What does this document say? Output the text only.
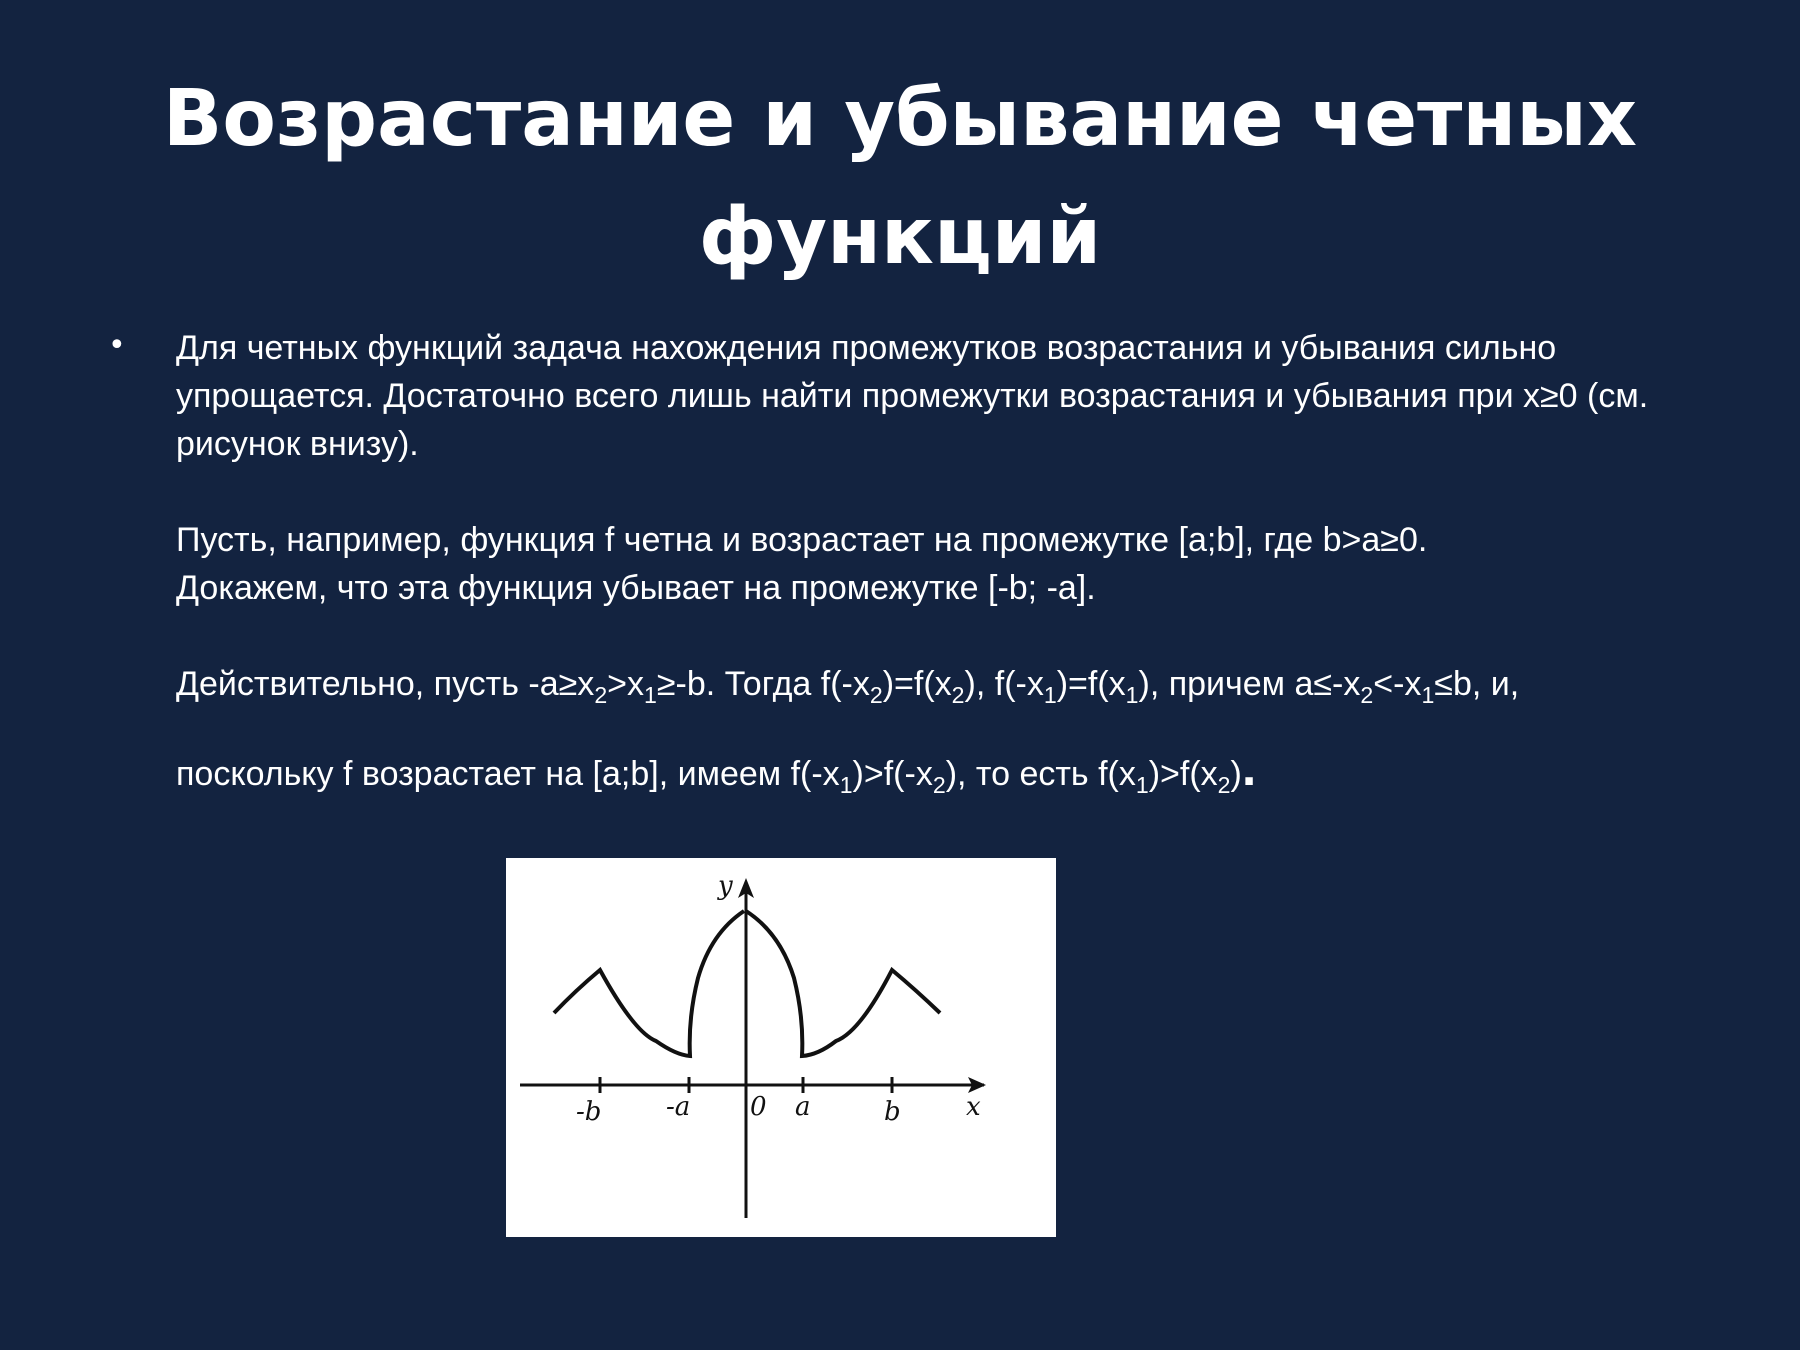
Возрастание и убывание четных функций
• Для четных функций задача нахождения промежутков возрастания и убывания сильно упрощается. Достаточно всего лишь найти промежутки возрастания и убывания при x≥0 (см. рисунок внизу).

Пусть, например, функция f четна и возрастает на промежутке [a;b], где b>a≥0.

Докажем, что эта функция убывает на промежутке [-b; -a].

Действительно, пусть $-a\ge x_2>x_1\ge-b$. Тогда $f(-x_2)=f(x_2)$, $f(-x_1)=f(x_1)$, причем $a\le-x_2<-x_1\le b$, и,

поскольку f возрастает на [a;b], имеем $f(-x_1)>f(-x_2)$, то есть $f(x_1)>f(x_2)$.

y
x
0
-b -a	a	b
